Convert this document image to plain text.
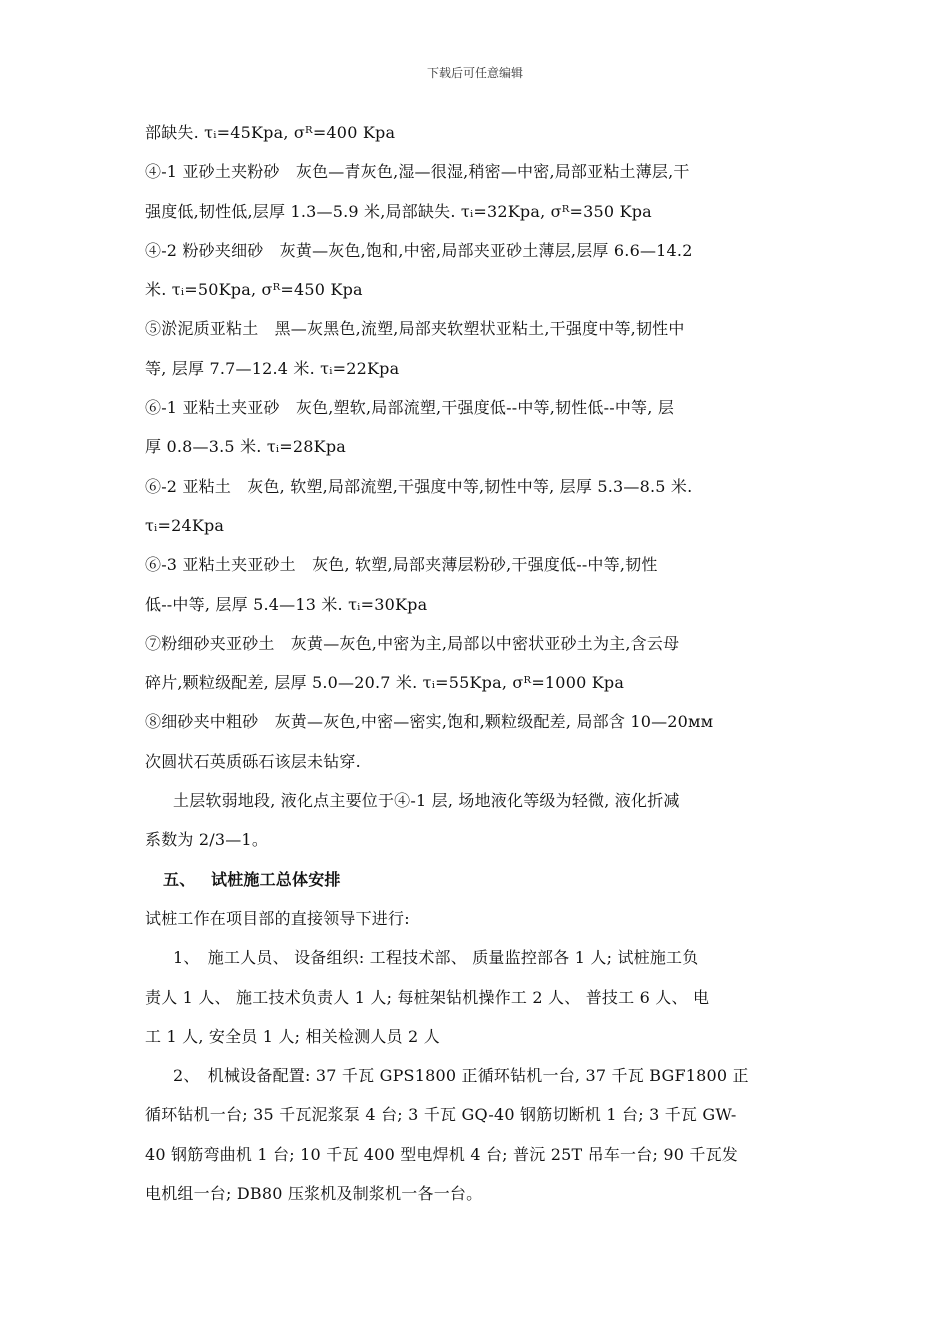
下载后可任意编辑
部缺失. τᵢ=45Kpa, σᴿ=400 Kpa
④-1 亚砂土夹粉砂　灰色—青灰色,湿—很湿,稍密—中密,局部亚粘土薄层,干
强度低,韧性低,层厚 1.3—5.9 米,局部缺失. τᵢ=32Kpa, σᴿ=350 Kpa
④-2 粉砂夹细砂　灰黄—灰色,饱和,中密,局部夹亚砂土薄层,层厚 6.6—14.2
米. τᵢ=50Kpa, σᴿ=450 Kpa
⑤淤泥质亚粘土　黑—灰黑色,流塑,局部夹软塑状亚粘土,干强度中等,韧性中
等, 层厚 7.7—12.4 米. τᵢ=22Kpa
⑥-1 亚粘土夹亚砂　灰色,塑软,局部流塑,干强度低--中等,韧性低--中等, 层
厚 0.8—3.5 米. τᵢ=28Kpa
⑥-2 亚粘土　灰色, 软塑,局部流塑,干强度中等,韧性中等, 层厚 5.3—8.5 米.
τᵢ=24Kpa
⑥-3 亚粘土夹亚砂土　灰色, 软塑,局部夹薄层粉砂,干强度低--中等,韧性
低--中等, 层厚 5.4—13 米. τᵢ=30Kpa
⑦粉细砂夹亚砂土　灰黄—灰色,中密为主,局部以中密状亚砂土为主,含云母
碎片,颗粒级配差, 层厚 5.0—20.7 米. τᵢ=55Kpa, σᴿ=1000 Kpa
⑧细砂夹中粗砂　灰黄—灰色,中密—密实,饱和,颗粒级配差, 局部含 10—20ᴍᴍ
次圆状石英质砾石该层未钻穿.
土层软弱地段, 液化点主要位于④-1 层, 场地液化等级为轻微, 液化折减
系数为 2/3—1。
五、 试桩施工总体安排
试桩工作在项目部的直接领导下进行:
1、　施工人员、 设备组织: 工程技术部、 质量监控部各 1 人; 试桩施工负
责人 1 人、 施工技术负责人 1 人; 每桩架钻机操作工 2 人、 普技工 6 人、 电
工 1 人, 安全员 1 人; 相关检测人员 2 人
2、　机械设备配置: 37 千瓦 GPS1800 正循环钻机一台, 37 千瓦 BGF1800 正
循环钻机一台; 35 千瓦泥浆泵 4 台; 3 千瓦 GQ-40 钢筋切断机 1 台; 3 千瓦 GW-
40 钢筋弯曲机 1 台; 10 千瓦 400 型电焊机 4 台; 普沅 25T 吊车一台; 90 千瓦发
电机组一台; DB80 压浆机及制浆机一各一台。
